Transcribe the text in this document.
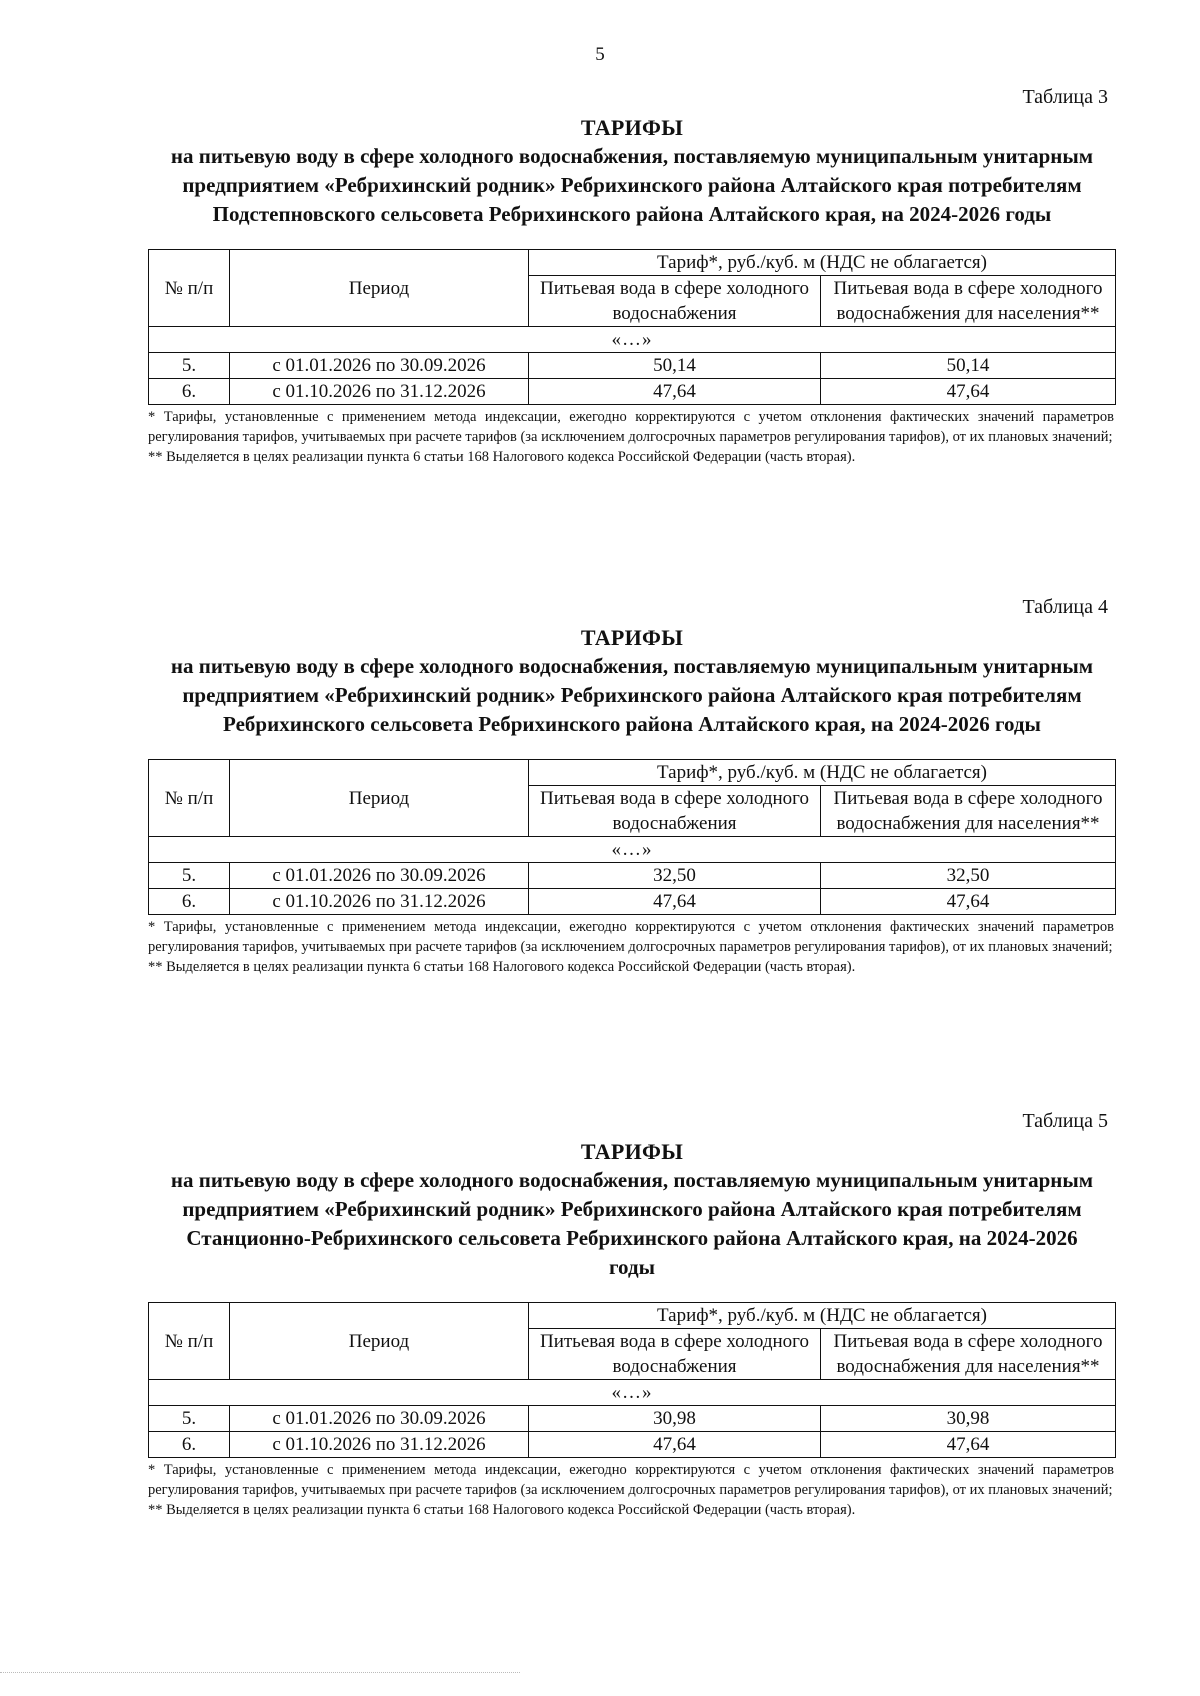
5
Таблица 3
ТАРИФЫ
на питьевую воду в сфере холодного водоснабжения, поставляемую муниципальным унитарным предприятием «Ребрихинский родник» Ребрихинского района Алтайского края потребителям Подстепновского сельсовета Ребрихинского района Алтайского края, на 2024-2026 годы
№ п/п	Период	Тариф*, руб./куб. м (НДС не облагается)	
		Питьевая вода в сфере холодного водоснабжения	Питьевая вода в сфере холодного водоснабжения для населения**
«…»			
5.	с 01.01.2026 по 30.09.2026	50,14	50,14
6.	с 01.10.2026 по 31.12.2026	47,64	47,64

* Тарифы, установленные с применением метода индексации, ежегодно корректируются с учетом отклонения фактических значений параметров регулирования тарифов, учитываемых при расчете тарифов (за исключением долгосрочных параметров регулирования тарифов), от их плановых значений;

** Выделяется в целях реализации пункта 6 статьи 168 Налогового кодекса Российской Федерации (часть вторая).

Таблица 4
ТАРИФЫ
на питьевую воду в сфере холодного водоснабжения, поставляемую муниципальным унитарным предприятием «Ребрихинский родник» Ребрихинского района Алтайского края потребителям Ребрихинского сельсовета Ребрихинского района Алтайского края, на 2024-2026 годы
№ п/п	Период	Тариф*, руб./куб. м (НДС не облагается)	
		Питьевая вода в сфере холодного водоснабжения	Питьевая вода в сфере холодного водоснабжения для населения**
«…»			
5.	с 01.01.2026 по 30.09.2026	32,50	32,50
6.	с 01.10.2026 по 31.12.2026	47,64	47,64

* Тарифы, установленные с применением метода индексации, ежегодно корректируются с учетом отклонения фактических значений параметров регулирования тарифов, учитываемых при расчете тарифов (за исключением долгосрочных параметров регулирования тарифов), от их плановых значений;

** Выделяется в целях реализации пункта 6 статьи 168 Налогового кодекса Российской Федерации (часть вторая).

Таблица 5
ТАРИФЫ
на питьевую воду в сфере холодного водоснабжения, поставляемую муниципальным унитарным предприятием «Ребрихинский родник» Ребрихинского района Алтайского края потребителям Станционно-Ребрихинского сельсовета Ребрихинского района Алтайского края, на 2024-2026 годы
№ п/п	Период	Тариф*, руб./куб. м (НДС не облагается)	
		Питьевая вода в сфере холодного водоснабжения	Питьевая вода в сфере холодного водоснабжения для населения**
«…»			
5.	с 01.01.2026 по 30.09.2026	30,98	30,98
6.	с 01.10.2026 по 31.12.2026	47,64	47,64

* Тарифы, установленные с применением метода индексации, ежегодно корректируются с учетом отклонения фактических значений параметров регулирования тарифов, учитываемых при расчете тарифов (за исключением долгосрочных параметров регулирования тарифов), от их плановых значений;

** Выделяется в целях реализации пункта 6 статьи 168 Налогового кодекса Российской Федерации (часть вторая).
